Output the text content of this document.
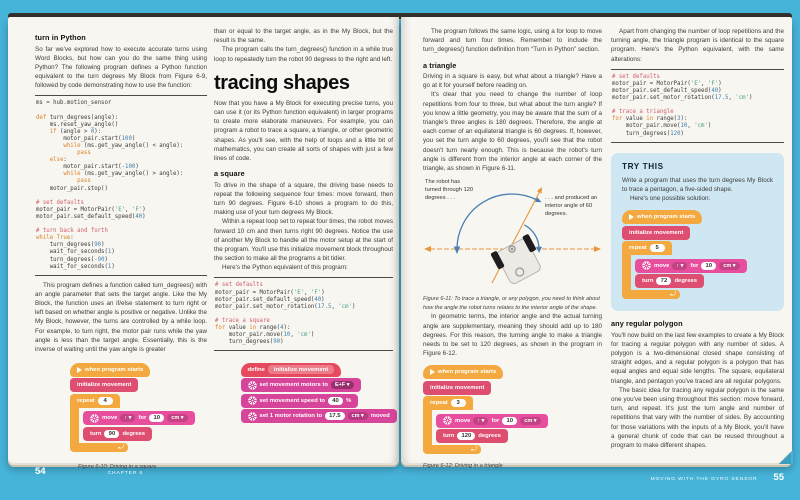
turn in Python

So far we've explored how to execute accurate turns using Word Blocks, but how can you do the same thing using Python? The following program defines a Python function equivalent to the turn degrees My Block from Figure 6-9, followed by code demonstrating how to use the function:

ms = hub.motion_sensor

def turn_degrees(angle):
ms.reset_yaw_angle()
if (angle > 0):
motor_pair.start(100)
while (ms.get_yaw_angle() < angle):
pass
else:
motor_pair.start(-100)
while (ms.get_yaw_angle() > angle):
pass
motor_pair.stop()

# set defaults
motor_pair = MotorPair('E', 'F')
motor_pair.set_default_speed(40)

# turn back and forth
while True:
turn_degrees(90)
wait_for_seconds(1)
turn_degrees(-90)
wait_for_seconds(1)

This program defines a function called turn_degrees() with an angle parameter that sets the target angle. Like the My Block, the function uses an if/else statement to turn right or left based on whether angle is positive or negative. Unlike the My Block, however, the turns are controlled by a while loop. For example, to turn right, the motor pair runs while the yaw angle is less than the target angle. Essentially, this is the inverse of waiting until the yaw angle is greater

than or equal to the target angle, as in the My Block, but the result is the same.

The program calls the turn_degrees() function in a while true loop to repeatedly turn the robot 90 degrees to the right and left.

tracing shapes

Now that you have a My Block for executing precise turns, you can use it (or its Python function equivalent) in larger programs to create more elaborate maneuvers. For example, you can program a robot to trace a square, a triangle, or other geometric shapes. As you'll see, with the help of loops and a little bit of mathematics, you can create all sorts of shapes with just a few lines of code.

a square

To drive in the shape of a square, the driving base needs to repeat the following sequence four times: move forward, then turn 90 degrees. Figure 6-10 shows a program to do this, making use of your turn degrees My Block.

Within a repeat loop set to repeat four times, the robot moves forward 10 cm and then turns right 90 degrees. Notice the use of another My Block to handle all the motor setup at the start of the program. You'll use this initialize movement block throughout the section to make all the programs a bit tidier.

Here's the Python equivalent of this program:

# set defaults
motor_pair = MotorPair('E', 'F')
motor_pair.set_default_speed(40)
motor_pair.set_motor_rotation(17.5, 'cm')

# trace a square
for value in range(4):
motor_pair.move(10, 'cm')
turn_degrees(90)
when program starts
initialize movement
repeat	4
move	↑ ▾	for	10	cm ▾
turn	90	degrees
⤾
Figure 6-10: Driving in a square
define	initialize movement
set movement motors to	E+F ▾
set movement speed to	40	%
set 1 motor rotation to	17.5	cm ▾	moved

The program follows the same logic, using a for loop to move forward and turn four times. Remember to include the turn_degrees() function definition from “Turn in Python” section.

a triangle

Driving in a square is easy, but what about a triangle? Have a go at it for yourself before reading on.

It's clear that you need to change the number of loop repetitions from four to three, but what about the turn angle? If you know a little geometry, you may be aware that the sum of a triangle's three angles is 180 degrees. Therefore, the angle at each corner of an equilateral triangle is 60 degrees. If, however, you set the turn angle to 60 degrees, you'll see that the robot doesn't turn nearly enough. This is because the robot's turn angle is different from the interior angle at each corner of the triangle, as shown in Figure 6-11.

The robot has turned through 120 degrees . . .	. . . and produced an interior angle of 60 degrees.
Figure 6-11: To trace a triangle, or any polygon, you need to think about how the angle the robot turns relates to the interior angle of the shape.

In geometric terms, the interior angle and the actual turning angle are supplementary, meaning they should add up to 180 degrees. For this reason, the turning angle to make a triangle needs to be set to 120 degrees, as shown in the program in Figure 6-12.

when program starts
initialize movement
repeat	3
move	↑ ▾	for	10	cm ▾
turn	120	degrees
⤾
Figure 6-12: Driving in a triangle

Apart from changing the number of loop repetitions and the turning angle, the triangle program is identical to the square program. Here's the Python equivalent, with the same alterations:

# set defaults
motor_pair = MotorPair('E', 'F')
motor_pair.set_default_speed(40)
motor_pair.set_motor_rotation(17.5, 'cm')

# trace a triangle
for value in range(3):
motor_pair.move(10, 'cm')
turn_degrees(120)
TRY THIS

Write a program that uses the turn degrees My Block to trace a pentagon, a five-sided shape.

Here's one possible solution:

when program starts
initialize movement
repeat	5
move	↑ ▾	for	10	cm ▾
turn	72	degrees
⤾
any regular polygon

You'll now build on the last few examples to create a My Block for tracing a regular polygon with any number of sides. A polygon is a two-dimensional closed shape consisting of straight edges, and a regular polygon is a polygon that has equal angles and equal side lengths. The square, equilateral triangle, and pentagon you've traced are all regular polygons.

The basic idea for tracing any regular polygon is the same one you've been using throughout this section: move forward, turn, and repeat. It's just the turn angle and number of repetitions that vary with the number of sides. By accounting for those variations with the inputs of a My Block, you'll have a general chunk of code that can be reused throughout a program to make different shapes.

54	CHAPTER 6
MOVING WITH THE GYRO SENSOR 55
